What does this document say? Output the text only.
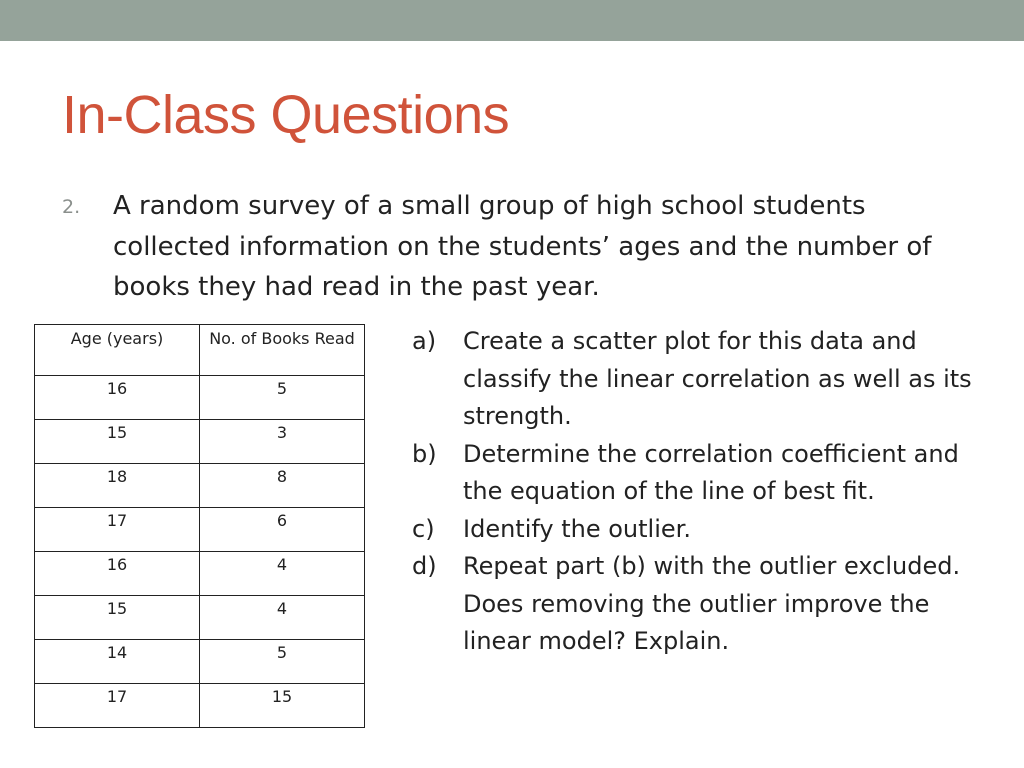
In-Class Questions
2. A random survey of a small group of high school students collected information on the students’ ages and the number of books they had read in the past year.
Age (years)	No. of Books Read
16	5
15	3
18	8
17	6
16	4
15	4
14	5
17	15
a) Create a scatter plot for this data and classify the linear correlation as well as its strength.
b) Determine the correlation coefficient and the equation of the line of best fit.
c) Identify the outlier.
d) Repeat part (b) with the outlier excluded. Does removing the outlier improve the linear model? Explain.
